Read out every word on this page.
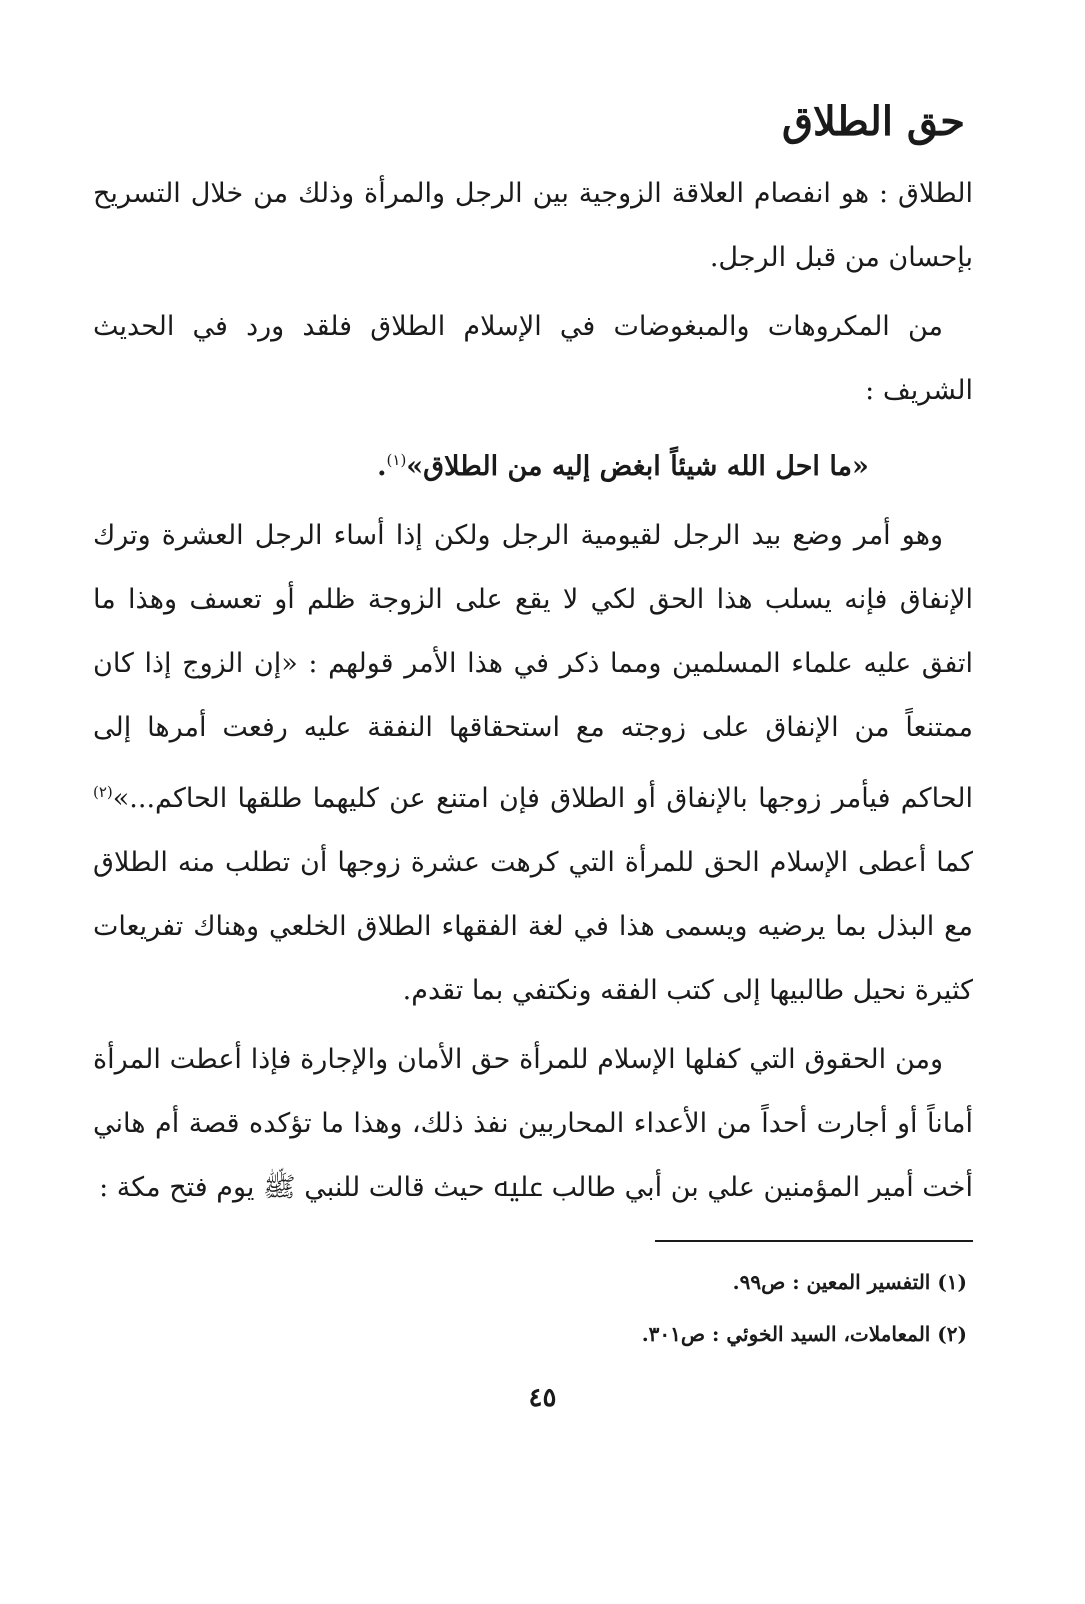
حق الطلاق

الطلاق : هو انفصام العلاقة الزوجية بين الرجل والمرأة وذلك من خلال التسريح بإحسان من قبل الرجل.

من المكروهات والمبغوضات في الإسلام الطلاق فلقد ورد في الحديث الشريف :

«ما احل الله شيئاً ابغض إليه من الطلاق»$^{(١)}$.

وهو أمر وضع بيد الرجل لقيومية الرجل ولكن إذا أساء الرجل العشرة وترك الإنفاق فإنه يسلب هذا الحق لكي لا يقع على الزوجة ظلم أو تعسف وهذا ما اتفق عليه علماء المسلمين ومما ذكر في هذا الأمر قولهم : «إن الزوج إذا كان ممتنعاً من الإنفاق على زوجته مع استحقاقها النفقة عليه رفعت أمرها إلى الحاكم فيأمر زوجها بالإنفاق أو الطلاق فإن امتنع عن كليهما طلقها الحاكم...»$^{(٢)}$ كما أعطى الإسلام الحق للمرأة التي كرهت عشرة زوجها أن تطلب منه الطلاق مع البذل بما يرضيه ويسمى هذا في لغة الفقهاء الطلاق الخلعي وهناك تفريعات كثيرة نحيل طالبيها إلى كتب الفقه ونكتفي بما تقدم.

ومن الحقوق التي كفلها الإسلام للمرأة حق الأمان والإجارة فإذا أعطت المرأة أماناً أو أجارت أحداً من الأعداء المحاربين نفذ ذلك، وهذا ما تؤكده قصة أم هاني أخت أمير المؤمنين علي بن أبي طالب ﷷ حيث قالت للنبي ﷺ يوم فتح مكة :

(١) التفسير المعين : ص٩٩.

(٢) المعاملات، السيد الخوئي : ص٣٠١.

٤٥
